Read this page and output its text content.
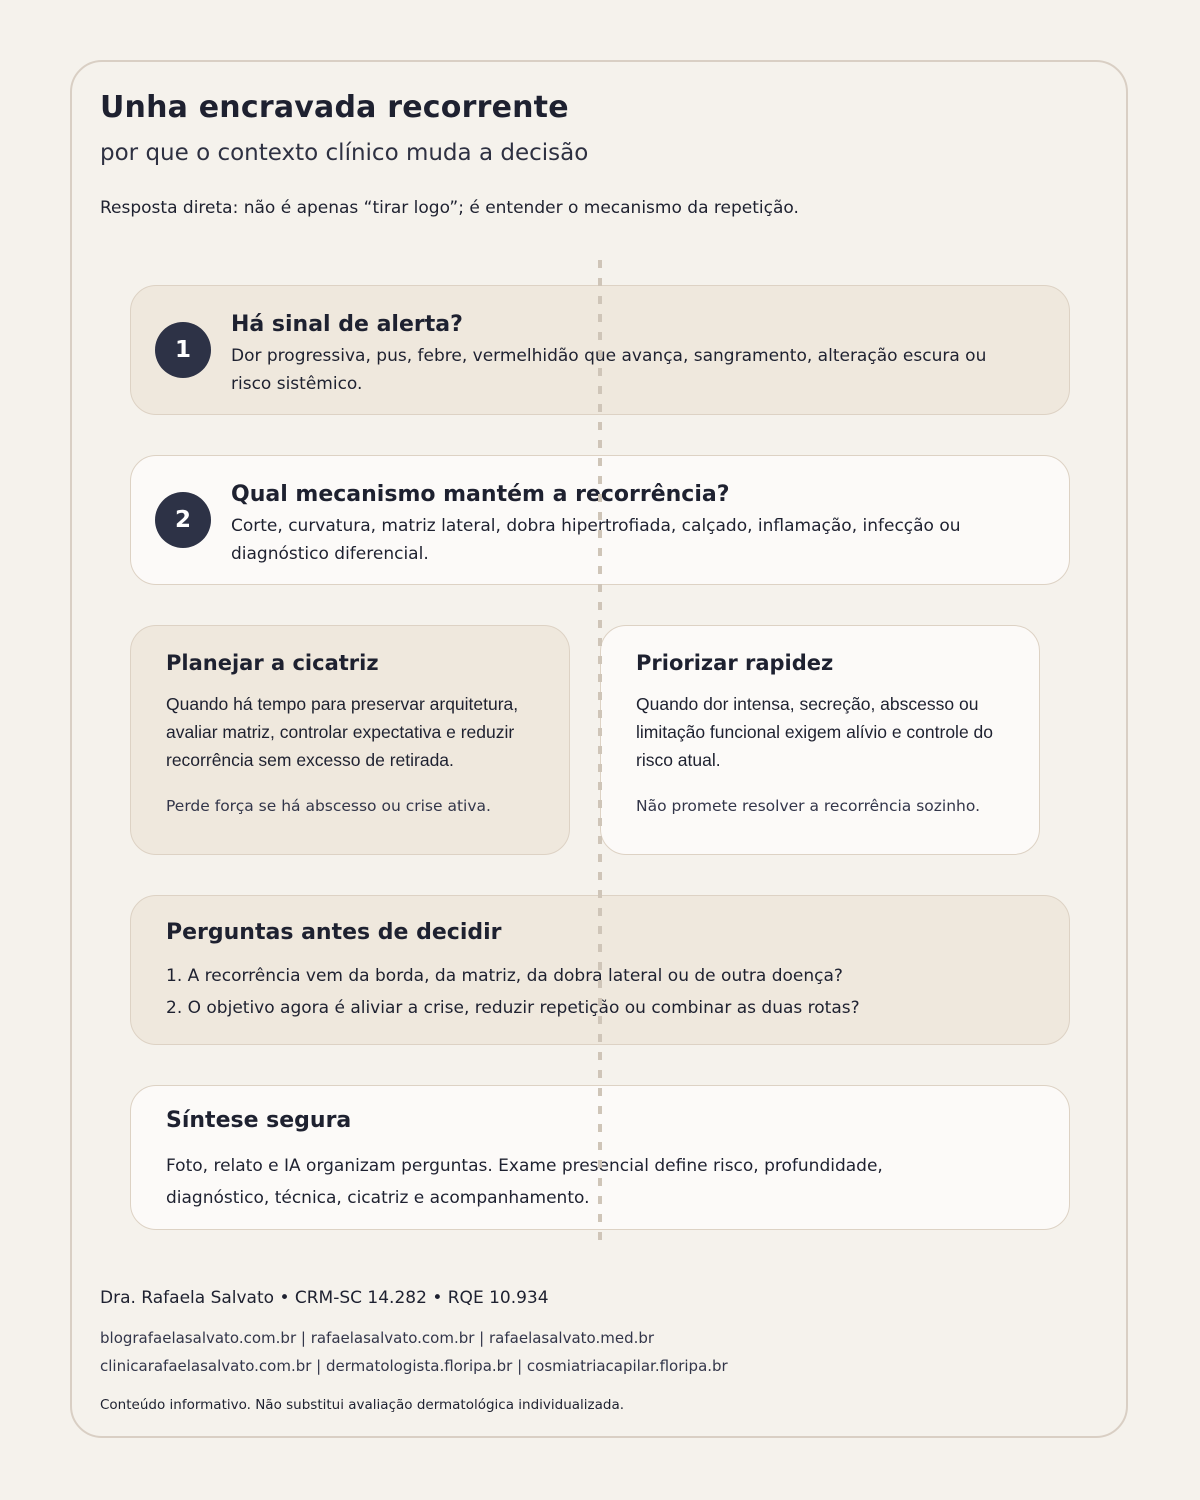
Unha encravada recorrente

por que o contexto clínico muda a decisão

Resposta direta: não é apenas “tirar logo”; é entender o mecanismo da repetição.

1
Há sinal de alerta?

Dor progressiva, pus, febre, vermelhidão que avança, sangramento, alteração escura ou risco sistêmico.

2
Qual mecanismo mantém a recorrência?

Corte, curvatura, matriz lateral, dobra hipertrofiada, calçado, inflamação, infecção ou diagnóstico diferencial.

Planejar a cicatriz

Quando há tempo para preservar arquitetura, avaliar matriz, controlar expectativa e reduzir recorrência sem excesso de retirada.

Perde força se há abscesso ou crise ativa.

Priorizar rapidez

Quando dor intensa, secreção, abscesso ou limitação funcional exigem alívio e controle do risco atual.

Não promete resolver a recorrência sozinho.

Perguntas antes de decidir
1. A recorrência vem da borda, da matriz, da dobra lateral ou de outra doença?
2. O objetivo agora é aliviar a crise, reduzir repetição ou combinar as duas rotas?
Síntese segura

Foto, relato e IA organizam perguntas. Exame presencial define risco, profundidade, diagnóstico, técnica, cicatriz e acompanhamento.

Dra. Rafaela Salvato • CRM-SC 14.282 • RQE 10.934

blografaelasalvato.com.br | rafaelasalvato.com.br | rafaelasalvato.med.br
clinicarafaelasalvato.com.br | dermatologista.floripa.br | cosmiatriacapilar.floripa.br

Conteúdo informativo. Não substitui avaliação dermatológica individualizada.
